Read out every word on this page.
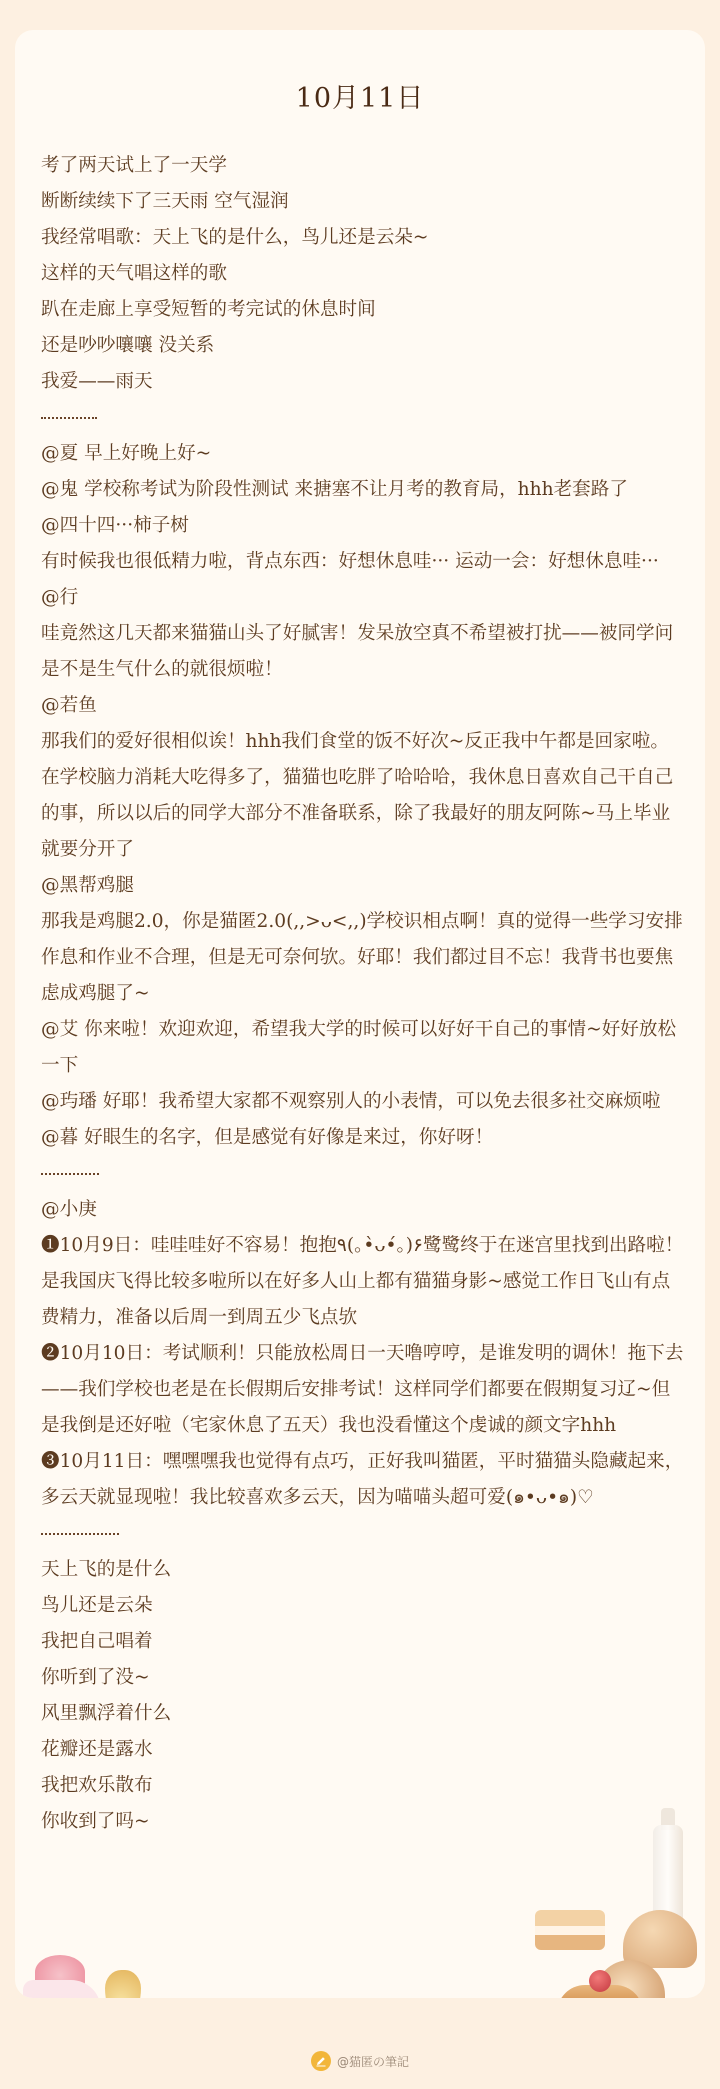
10月11日
考了两天试上了一天学
断断续续下了三天雨 空气湿润
我经常唱歌：天上飞的是什么，鸟儿还是云朵~
这样的天气唱这样的歌
趴在走廊上享受短暂的考完试的休息时间
还是吵吵嚷嚷 没关系
我爱——雨天
@夏 早上好晚上好~
@鬼 学校称考试为阶段性测试 来搪塞不让月考的教育局，hhh老套路了
@四十四···柿子树
有时候我也很低精力啦，背点东西：好想休息哇··· 运动一会：好想休息哇···
@行
哇竟然这几天都来猫猫山头了好腻害！发呆放空真不希望被打扰——被同学问是不是生气什么的就很烦啦！
@若鱼
那我们的爱好很相似诶！hhh我们食堂的饭不好次~反正我中午都是回家啦。在学校脑力消耗大吃得多了，猫猫也吃胖了哈哈哈，我休息日喜欢自己干自己的事，所以以后的同学大部分不准备联系，除了我最好的朋友阿陈~马上毕业就要分开了
@黑帮鸡腿
那我是鸡腿2.0，你是猫匿2.0(,,>ᴗ<,,)学校识相点啊！真的觉得一些学习安排作息和作业不合理，但是无可奈何欤。好耶！我们都过目不忘！我背书也要焦虑成鸡腿了~
@艾 你来啦！欢迎欢迎，希望我大学的时候可以好好干自己的事情~好好放松一下
@玙璠 好耶！我希望大家都不观察别人的小表情，可以免去很多社交麻烦啦
@暮 好眼生的名字，但是感觉有好像是来过，你好呀！
@小庚
❶10月9日：哇哇哇好不容易！抱抱٩(｡•̀ᴗ•́｡)۶鹭鹭终于在迷宫里找到出路啦！是我国庆飞得比较多啦所以在好多人山上都有猫猫身影~感觉工作日飞山有点费精力，准备以后周一到周五少飞点欤
❷10月10日：考试顺利！只能放松周日一天噜哼哼，是谁发明的调休！拖下去——我们学校也老是在长假期后安排考试！这样同学们都要在假期复习辽~但是我倒是还好啦（宅家休息了五天）我也没看懂这个虔诚的颜文字hhh
❸10月11日：嘿嘿嘿我也觉得有点巧，正好我叫猫匿，平时猫猫头隐藏起来，多云天就显现啦！我比较喜欢多云天，因为喵喵头超可爱(๑•ᴗ•๑)♡
天上飞的是什么
鸟儿还是云朵
我把自己唱着
你听到了没~
风里飘浮着什么
花瓣还是露水
我把欢乐散布
你收到了吗~
@猫匿の筆記
